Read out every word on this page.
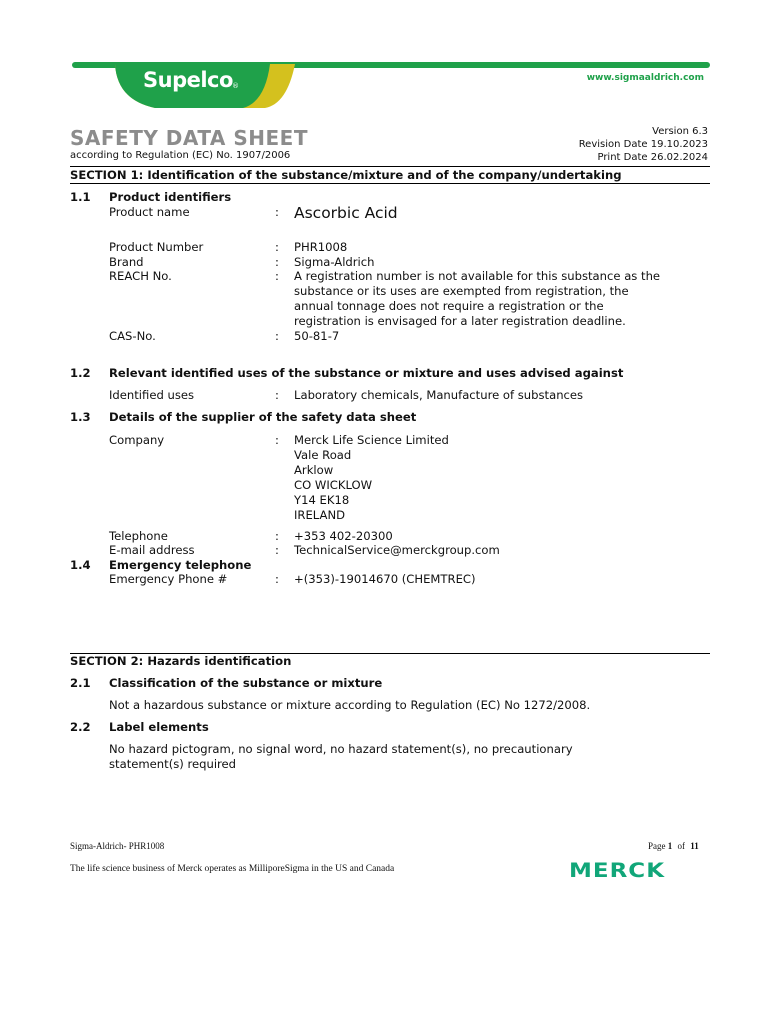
Supelco ®
www.sigmaaldrich.com
SAFETY DATA SHEET
according to Regulation (EC) No. 1907/2006
Version 6.3
Revision Date 19.10.2023
Print Date 26.02.2024
SECTION 1: Identification of the substance/mixture and of the company/undertaking
1.1 Product identifiers
Product name	: Ascorbic Acid
Product Number	: PHR1008
Brand	: Sigma-Aldrich
REACH No.	: A registration number is not available for this substance as the
substance or its uses are exempted from registration, the
annual tonnage does not require a registration or the
registration is envisaged for a later registration deadline.
CAS-No.	: 50-81-7
1.2 Relevant identified uses of the substance or mixture and uses advised against
Identified uses	: Laboratory chemicals, Manufacture of substances
1.3 Details of the supplier of the safety data sheet
Company	: Merck Life Science Limited
Vale Road
Arklow
CO WICKLOW
Y14 EK18
IRELAND
Telephone	: +353 402-20300
E-mail address	: TechnicalService@merckgroup.com
1.4 Emergency telephone
Emergency Phone #	: +(353)-19014670 (CHEMTREC)
SECTION 2: Hazards identification
2.1 Classification of the substance or mixture
Not a hazardous substance or mixture according to Regulation (EC) No 1272/2008.
2.2 Label elements
No hazard pictogram, no signal word, no hazard statement(s), no precautionary
statement(s) required
Sigma-Aldrich- PHR1008	Page 1 of 11
The life science business of Merck operates as MilliporeSigma in the US and Canada	MERCK
